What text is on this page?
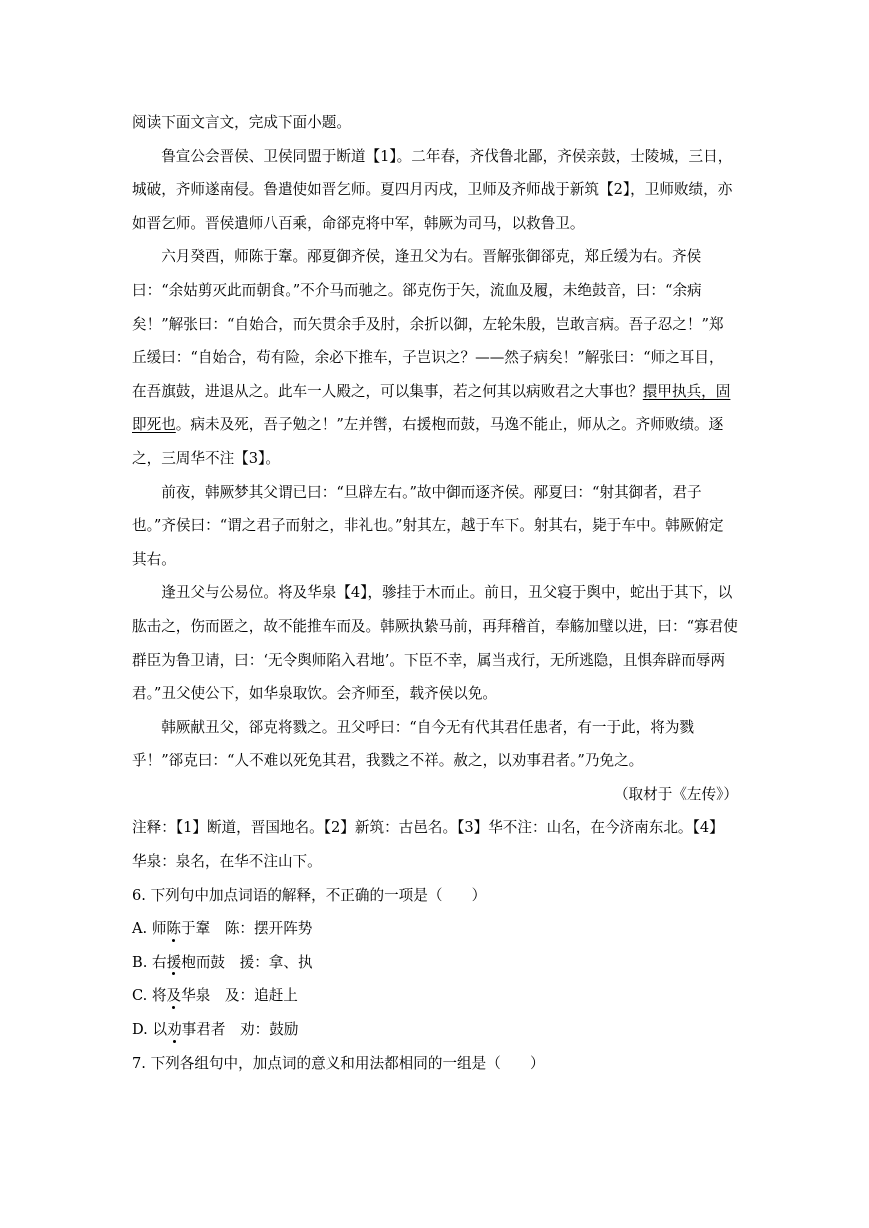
阅读下面文言文，完成下面小题。

鲁宣公会晋侯、卫侯同盟于断道【1】。二年春，齐伐鲁北鄙，齐侯亲鼓，士陵城，三日，城破，齐师遂南侵。鲁遣使如晋乞师。夏四月丙戌，卫师及齐师战于新筑【2】，卫师败绩，亦如晋乞师。晋侯遣师八百乘，命郤克将中军，韩厥为司马，以救鲁卫。

六月癸酉，师陈于鞌。邴夏御齐侯，逢丑父为右。晋解张御郤克，郑丘缓为右。齐侯曰：“余姑剪灭此而朝食。”不介马而驰之。郤克伤于矢，流血及履，未绝鼓音，曰：“余病矣！”解张曰：“自始合，而矢贯余手及肘，余折以御，左轮朱殷，岂敢言病。吾子忍之！”郑丘缓曰：“自始合，苟有险，余必下推车，子岂识之？——然子病矣！”解张曰：“师之耳目，在吾旗鼓，进退从之。此车一人殿之，可以集事，若之何其以病败君之大事也？擐甲执兵，固即死也。病未及死，吾子勉之！”左并辔，右援枹而鼓，马逸不能止，师从之。齐师败绩。逐之，三周华不注【3】。

前夜，韩厥梦其父谓已曰：“旦辟左右。”故中御而逐齐侯。邴夏曰：“射其御者，君子也。”齐侯曰：“谓之君子而射之，非礼也。”射其左，越于车下。射其右，毙于车中。韩厥俯定其右。

逢丑父与公易位。将及华泉【4】，骖挂于木而止。前日，丑父寝于舆中，蛇出于其下，以肱击之，伤而匿之，故不能推车而及。韩厥执絷马前，再拜稽首，奉觞加璧以进，曰：“寡君使群臣为鲁卫请，曰：‘无令舆师陷入君地’。下臣不幸，属当戎行，无所逃隐，且惧奔辟而辱两君。”丑父使公下，如华泉取饮。会齐师至，载齐侯以免。

韩厥献丑父，郤克将戮之。丑父呼曰：“自今无有代其君任患者，有一于此，将为戮乎！”郤克曰：“人不难以死免其君，我戮之不祥。赦之，以劝事君者。”乃免之。

（取材于《左传》）

注释：【1】断道，晋国地名。【2】新筑：古邑名。【3】华不注：山名，在今济南东北。【4】华泉：泉名，在华不注山下。

6. 下列句中加点词语的解释，不正确的一项是（　　）

A. 师陈于鞌　陈：摆开阵势

B. 右援枹而鼓　援：拿、执

C. 将及华泉　及：追赶上

D. 以劝事君者　劝：鼓励

7. 下列各组句中，加点词的意义和用法都相同的一组是（　　）
